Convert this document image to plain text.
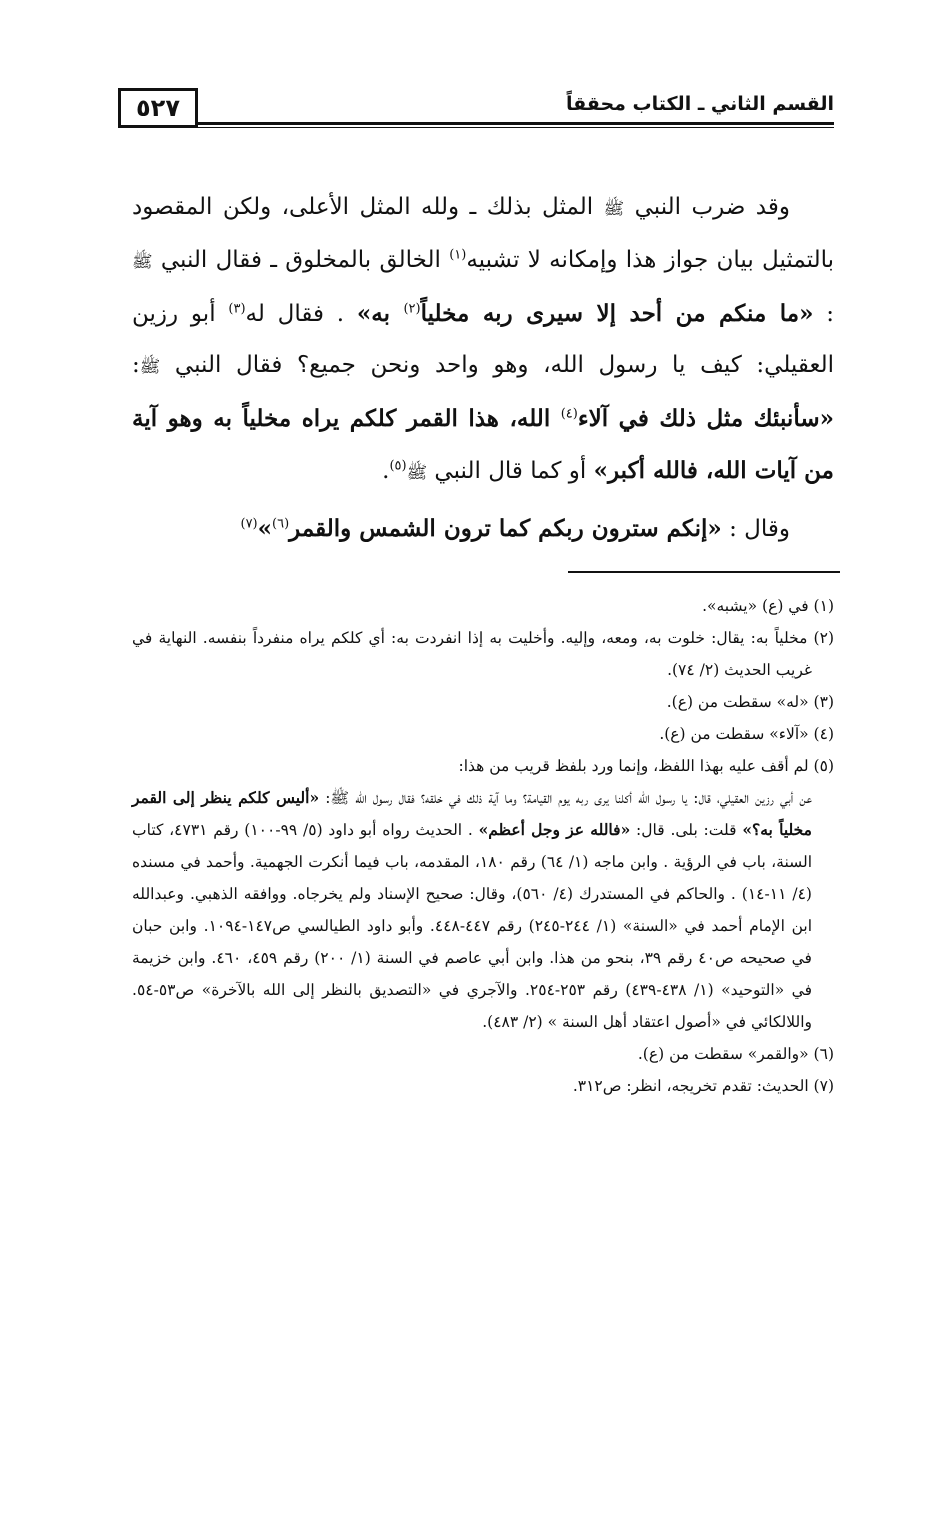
٥٢٧	القسم الثاني ـ الكتاب محققاً

وقد ضرب النبي ﷺ المثل بذلك ـ ولله المثل الأعلى، ولكن المقصود بالتمثيل بيان جواز هذا وإمكانه لا تشبيه$^{(١)}$ الخالق بالمخلوق ـ فقال النبي ﷺ : «ما منكم من أحد إلا سيرى ربه مخلياً$^{(٢)}$ به» . فقال له$^{(٣)}$ أبو رزين العقيلي: كيف يا رسول الله، وهو واحد ونحن جميع؟ فقال النبي ﷺ: «سأنبئك مثل ذلك في آلاء$^{(٤)}$ الله، هذا القمر كلكم يراه مخلياً به وهو آية من آيات الله، فالله أكبر» أو كما قال النبي ﷺ$^{(٥)}$.

وقال : «إنكم سترون ربكم كما ترون الشمس والقمر$^{(٦)}$»$^{(٧)}$

(١) في (ع) «يشبه».

(٢) مخلياً به: يقال: خلوت به، ومعه، وإليه. وأخليت به إذا انفردت به: أي كلكم يراه منفرداً بنفسه. النهاية في غريب الحديث (٢/ ٧٤).

(٣) «له» سقطت من (ع).

(٤) «آلاء» سقطت من (ع).

(٥) لم أقف عليه بهذا اللفظ، وإنما ورد بلفظ قريب من هذا:

عن أبي رزين العقيلي، قال: يا رسول الله أكلنا يرى ربه يوم القيامة؟ وما آية ذلك في خلقه؟ فقال رسول الله ﷺ: «أليس كلكم ينظر إلى القمر مخلياً به؟» قلت: بلى. قال: «فالله عز وجل أعظم» . الحديث رواه أبو داود (٥/ ٩٩-١٠٠) رقم ٤٧٣١، كتاب السنة، باب في الرؤية . وابن ماجه (١/ ٦٤) رقم ١٨٠، المقدمه، باب فيما أنكرت الجهمية. وأحمد في مسنده (٤/ ١١-١٤) . والحاكم في المستدرك (٤/ ٥٦٠)، وقال: صحيح الإسناد ولم يخرجاه. ووافقه الذهبي. وعبدالله ابن الإمام أحمد في «السنة» (١/ ٢٤٤-٢٤٥) رقم ٤٤٧-٤٤٨. وأبو داود الطيالسي ص١٤٧-١٠٩٤. وابن حبان في صحيحه ص٤٠ رقم ٣٩، بنحو من هذا. وابن أبي عاصم في السنة (١/ ٢٠٠) رقم ٤٥٩، ٤٦٠. وابن خزيمة في «التوحيد» (١/ ٤٣٨-٤٣٩) رقم ٢٥٣-٢٥٤. والآجري في «التصديق بالنظر إلى الله بالآخرة» ص٥٣-٥٤. واللالكائي في «أصول اعتقاد أهل السنة » (٢/ ٤٨٣).

(٦) «والقمر» سقطت من (ع).

(٧) الحديث: تقدم تخريجه، انظر: ص٣١٢.
